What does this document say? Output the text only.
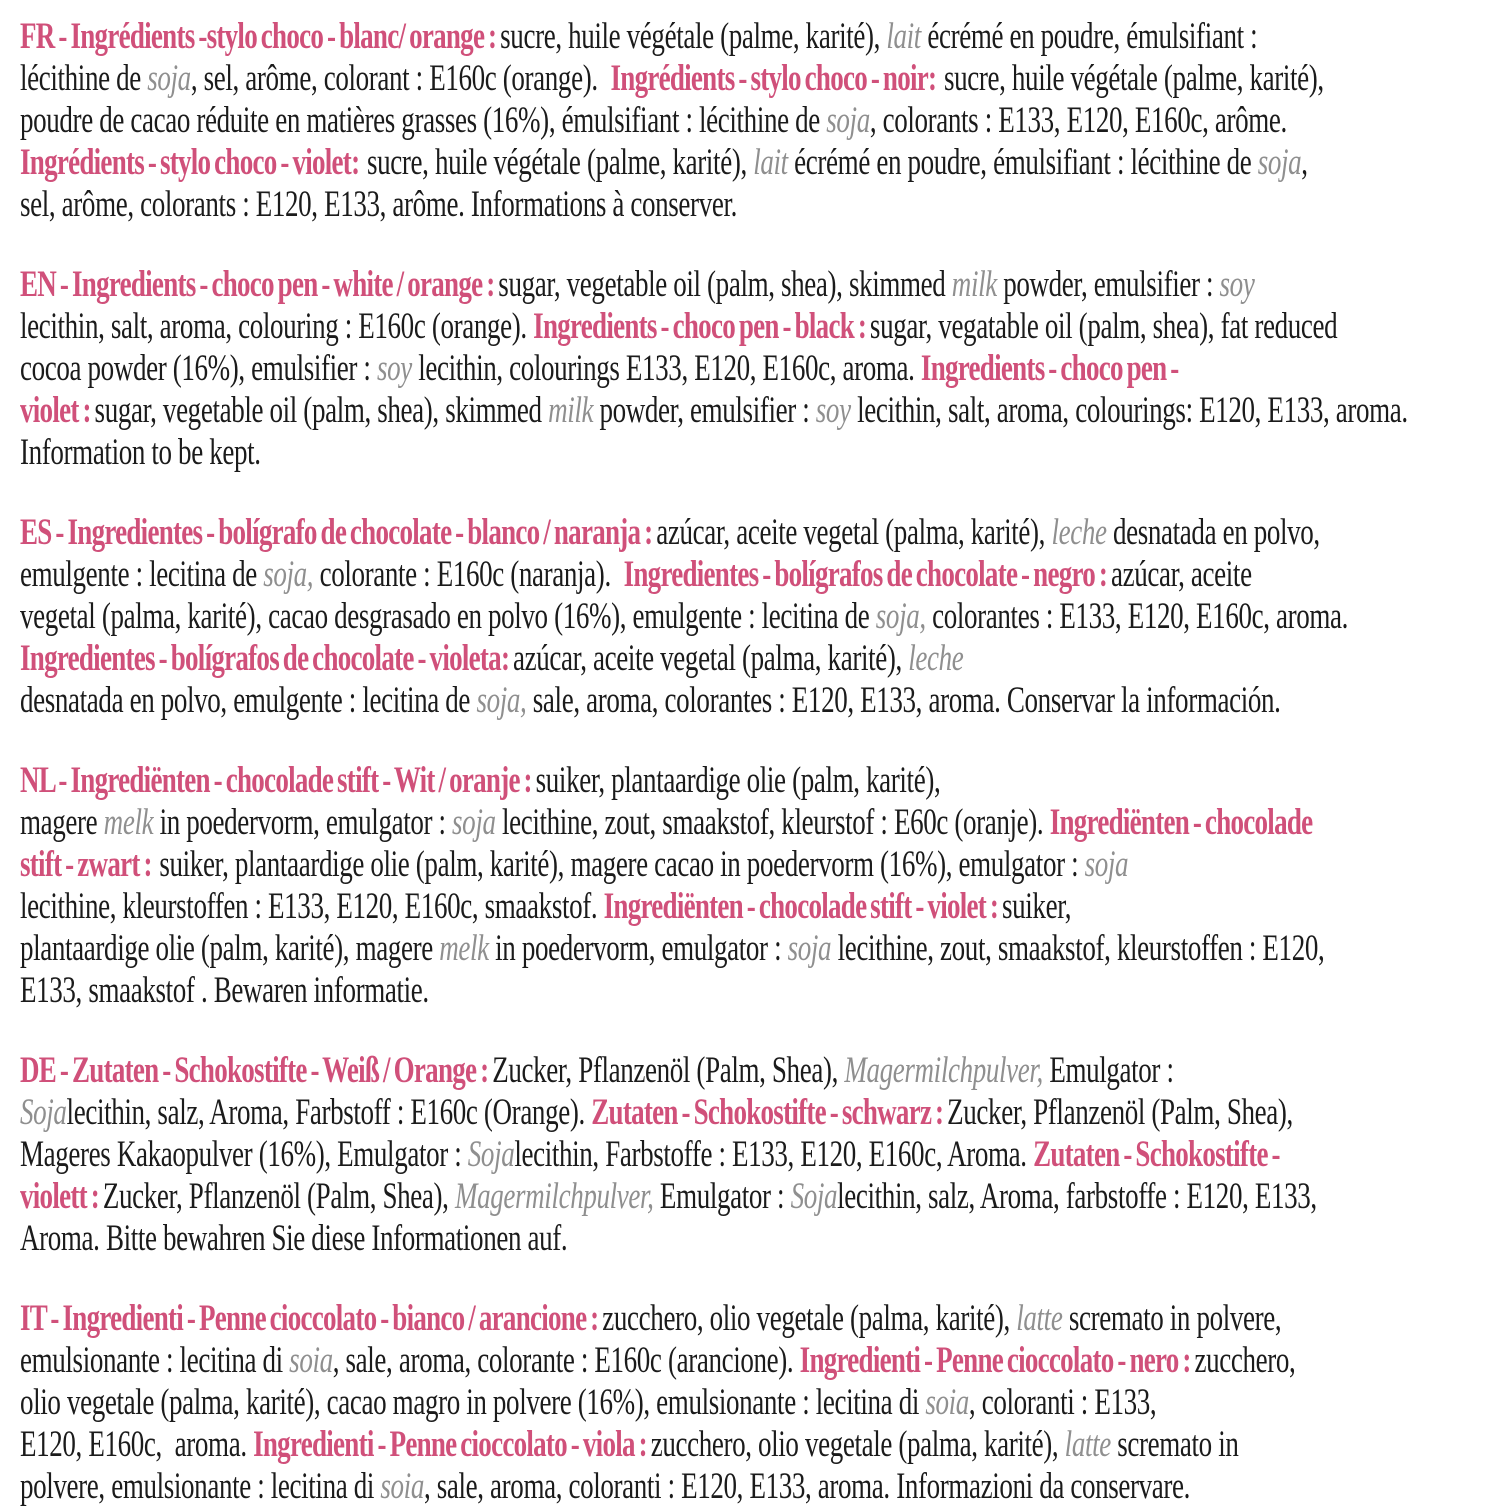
FR - Ingrédients -stylo choco - blanc/ orange : sucre, huile végétale (palme, karité), lait écrémé en poudre, émulsifiant :
lécithine de soja, sel, arôme, colorant : E160c (orange).  Ingrédients - stylo choco - noir:  sucre, huile végétale (palme, karité),
poudre de cacao réduite en matières grasses (16%), émulsifiant : lécithine de soja, colorants : E133, E120, E160c, arôme.
Ingrédients - stylo choco - violet:  sucre, huile végétale (palme, karité), lait écrémé en poudre, émulsifiant : lécithine de soja,
sel, arôme, colorants : E120, E133, arôme. Informations à conserver.
EN - Ingredients - choco pen - white / orange : sugar, vegetable oil (palm, shea), skimmed milk powder, emulsifier : soy
lecithin, salt, aroma, colouring : E160c (orange). Ingredients - choco pen - black : sugar, vegatable oil (palm, shea), fat reduced
cocoa powder (16%), emulsifier : soy lecithin, colourings E133, E120, E160c, aroma. Ingredients - choco pen -
violet : sugar, vegetable oil (palm, shea), skimmed milk powder, emulsifier : soy lecithin, salt, aroma, colourings: E120, E133, aroma.
Information to be kept.
ES - Ingredientes - bolígrafo de chocolate - blanco / naranja : azúcar, aceite vegetal (palma, karité), leche desnatada en polvo,
emulgente : lecitina de soja, colorante : E160c (naranja).  Ingredientes - bolígrafos de chocolate - negro : azúcar, aceite
vegetal (palma, karité), cacao desgrasado en polvo (16%), emulgente : lecitina de soja, colorantes : E133, E120, E160c, aroma.
Ingredientes - bolígrafos de chocolate - violeta: azúcar, aceite vegetal (palma, karité), leche
desnatada en polvo, emulgente : lecitina de soja, sale, aroma, colorantes : E120, E133, aroma. Conservar la información.
NL - Ingrediënten - chocolade stift - Wit / oranje : suiker, plantaardige olie (palm, karité),
magere melk in poedervorm, emulgator : soja lecithine, zout, smaakstof, kleurstof : E60c (oranje). Ingrediënten - chocolade
stift - zwart :  suiker, plantaardige olie (palm, karité), magere cacao in poedervorm (16%), emulgator : soja
lecithine, kleurstoffen : E133, E120, E160c, smaakstof. Ingrediënten - chocolade stift - violet : suiker,
plantaardige olie (palm, karité), magere melk in poedervorm, emulgator : soja lecithine, zout, smaakstof, kleurstoffen : E120,
E133, smaakstof . Bewaren informatie.
DE - Zutaten - Schokostifte - Weiß / Orange : Zucker, Pflanzenöl (Palm, Shea), Magermilchpulver, Emulgator :
Sojalecithin, salz, Aroma, Farbstoff : E160c (Orange). Zutaten - Schokostifte - schwarz : Zucker, Pflanzenöl (Palm, Shea),
Mageres Kakaopulver (16%), Emulgator : Sojalecithin, Farbstoffe : E133, E120, E160c, Aroma. Zutaten - Schokostifte -
violett : Zucker, Pflanzenöl (Palm, Shea), Magermilchpulver, Emulgator : Sojalecithin, salz, Aroma, farbstoffe : E120, E133,
Aroma. Bitte bewahren Sie diese Informationen auf.
IT - Ingredienti - Penne cioccolato - bianco / arancione : zucchero, olio vegetale (palma, karité), latte scremato in polvere,
emulsionante : lecitina di soia, sale, aroma, colorante : E160c (arancione). Ingredienti - Penne cioccolato - nero : zucchero,
olio vegetale (palma, karité), cacao magro in polvere (16%), emulsionante : lecitina di soia, coloranti : E133,
E120, E160c,  aroma. Ingredienti - Penne cioccolato - viola : zucchero, olio vegetale (palma, karité), latte scremato in
polvere, emulsionante : lecitina di soia, sale, aroma, coloranti : E120, E133, aroma. Informazioni da conservare.
